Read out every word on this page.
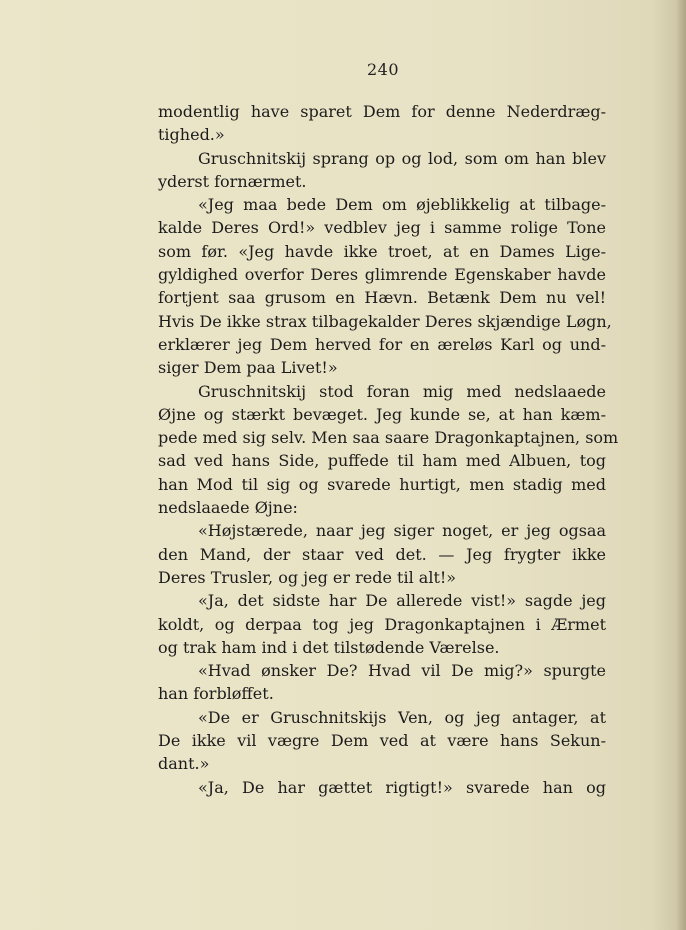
240
modentlig have sparet Dem for denne Nederdræg-
tighed.»
Gruschnitskij sprang op og lod, som om han blev
yderst fornærmet.
«Jeg maa bede Dem om øjeblikkelig at tilbage-
kalde Deres Ord!» vedblev jeg i samme rolige Tone
som før. «Jeg havde ikke troet, at en Dames Lige-
gyldighed overfor Deres glimrende Egenskaber havde
fortjent saa grusom en Hævn. Betænk Dem nu vel!
Hvis De ikke strax tilbagekalder Deres skjændige Løgn,
erklærer jeg Dem herved for en æreløs Karl og und-
siger Dem paa Livet!»
Gruschnitskij stod foran mig med nedslaaede
Øjne og stærkt bevæget. Jeg kunde se, at han kæm-
pede med sig selv. Men saa saare Dragonkaptajnen, som
sad ved hans Side, puffede til ham med Albuen, tog
han Mod til sig og svarede hurtigt, men stadig med
nedslaaede Øjne:
«Højstærede, naar jeg siger noget, er jeg ogsaa
den Mand, der staar ved det. — Jeg frygter ikke
Deres Trusler, og jeg er rede til alt!»
«Ja, det sidste har De allerede vist!» sagde jeg
koldt, og derpaa tog jeg Dragonkaptajnen i Ærmet
og trak ham ind i det tilstødende Værelse.
«Hvad ønsker De? Hvad vil De mig?» spurgte
han forbløffet.
«De er Gruschnitskijs Ven, og jeg antager, at
De ikke vil vægre Dem ved at være hans Sekun-
dant.»
«Ja, De har gættet rigtigt!» svarede han og
